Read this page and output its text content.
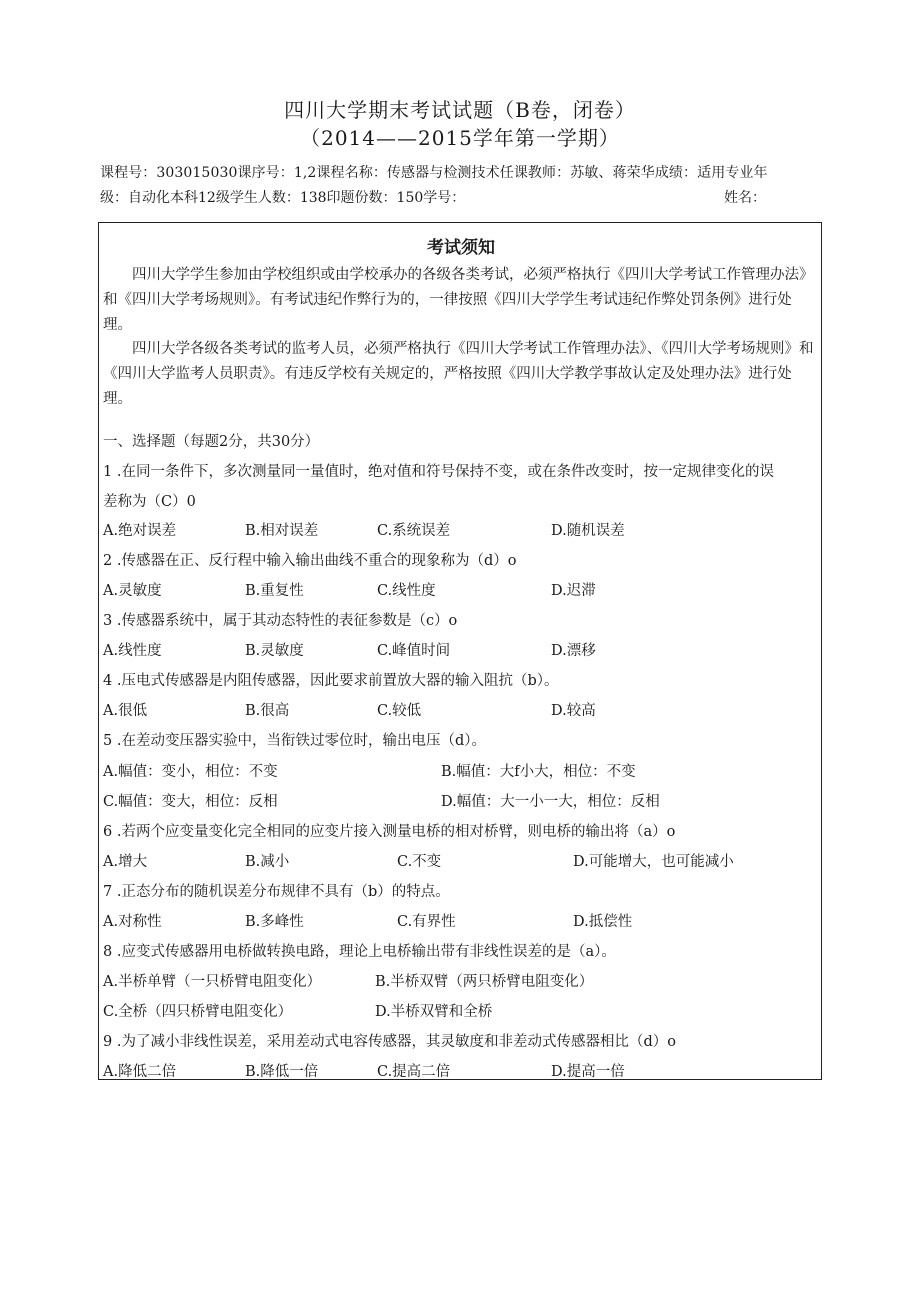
四川大学期末考试试题（B卷，闭卷）
（2014——2015学年第一学期）
课程号：303015030课序号：1,2课程名称：传感器与检测技术任课教师：苏敏、蒋荣华成绩：适用专业年
级：自动化本科12级学生人数：138印题份数：150学号：	姓名：
考试须知
四川大学学生参加由学校组织或由学校承办的各级各类考试，必须严格执行《四川大学考试工作管理办法》和《四川大学考场规则》。有考试违纪作弊行为的，一律按照《四川大学学生考试违纪作弊处罚条例》进行处理。
四川大学各级各类考试的监考人员，必须严格执行《四川大学考试工作管理办法》、《四川大学考场规则》和《四川大学监考人员职责》。有违反学校有关规定的，严格按照《四川大学教学事故认定及处理办法》进行处理。
一、选择题（每题2分，共30分）
1 .在同一条件下，多次测量同一量值时，绝对值和符号保持不变，或在条件改变时，按一定规律变化的误
差称为（C）0
A.绝对误差	B.相对误差	C.系统误差	D.随机误差
2 .传感器在正、反行程中输入输出曲线不重合的现象称为（d）o
A.灵敏度	B.重复性	C.线性度	D.迟滞
3 .传感器系统中，属于其动态特性的表征参数是（c）o
A.线性度	B.灵敏度	C.峰值时间	D.漂移
4 .压电式传感器是内阻传感器，因此要求前置放大器的输入阻抗（b）。
A.很低	B.很高	C.较低	D.较高
5 .在差动变压器实验中，当衔铁过零位时，输出电压（d）。
A.幅值：变小，相位：不变	B.幅值：大f小大，相位：不变
C.幅值：变大，相位：反相	D.幅值：大一小一大，相位：反相
6 .若两个应变量变化完全相同的应变片接入测量电桥的相对桥臂，则电桥的输出将（a）o
A.增大	B.减小	C.不变	D.可能增大，也可能减小
7 .正态分布的随机误差分布规律不具有（b）的特点。
A.对称性	B.多峰性	C.有界性	D.抵偿性
8 .应变式传感器用电桥做转换电路，理论上电桥输出带有非线性误差的是（a）。
A.半桥单臂（一只桥臂电阻变化）	B.半桥双臂（两只桥臂电阻变化）
C.全桥（四只桥臂电阻变化）	D.半桥双臂和全桥
9 .为了减小非线性误差，采用差动式电容传感器，其灵敏度和非差动式传感器相比（d）o
A.降低二倍	B.降低一倍	C.提高二倍	D.提高一倍
